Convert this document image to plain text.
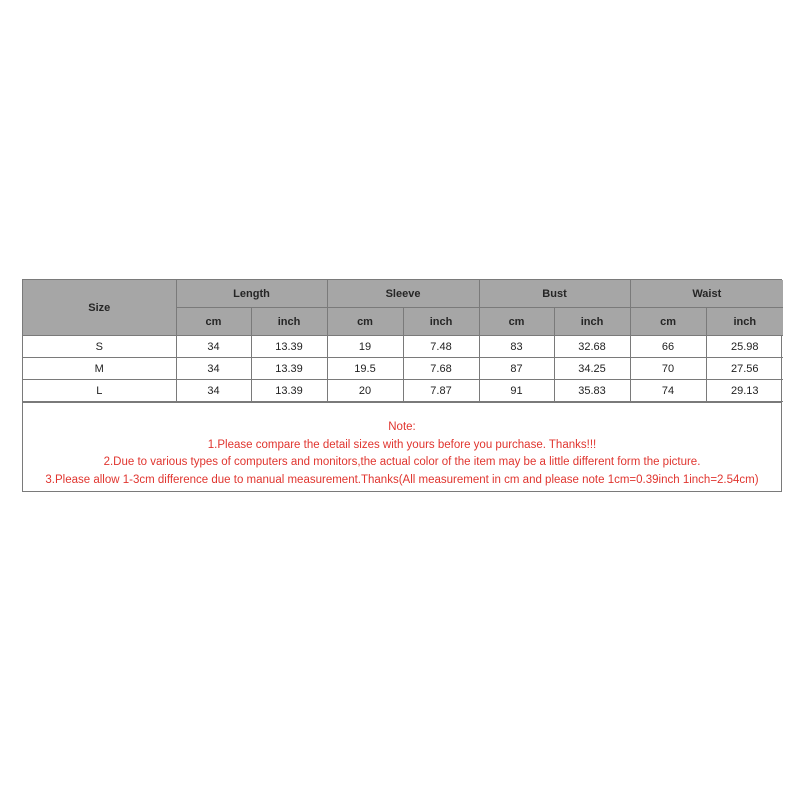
Size	Length		Sleeve		Bust		Waist	
	cm	inch	cm	inch	cm	inch	cm	inch
S	34	13.39	19	7.48	83	32.68	66	25.98
M	34	13.39	19.5	7.68	87	34.25	70	27.56
L	34	13.39	20	7.87	91	35.83	74	29.13
Note:
1.Please compare the detail sizes with yours before you purchase. Thanks!!!
2.Due to various types of computers and monitors,the actual color of the item may be a little different form the picture.
3.Please allow 1-3cm difference due to manual measurement.Thanks(All measurement in cm and please note 1cm=0.39inch 1inch=2.54cm)
